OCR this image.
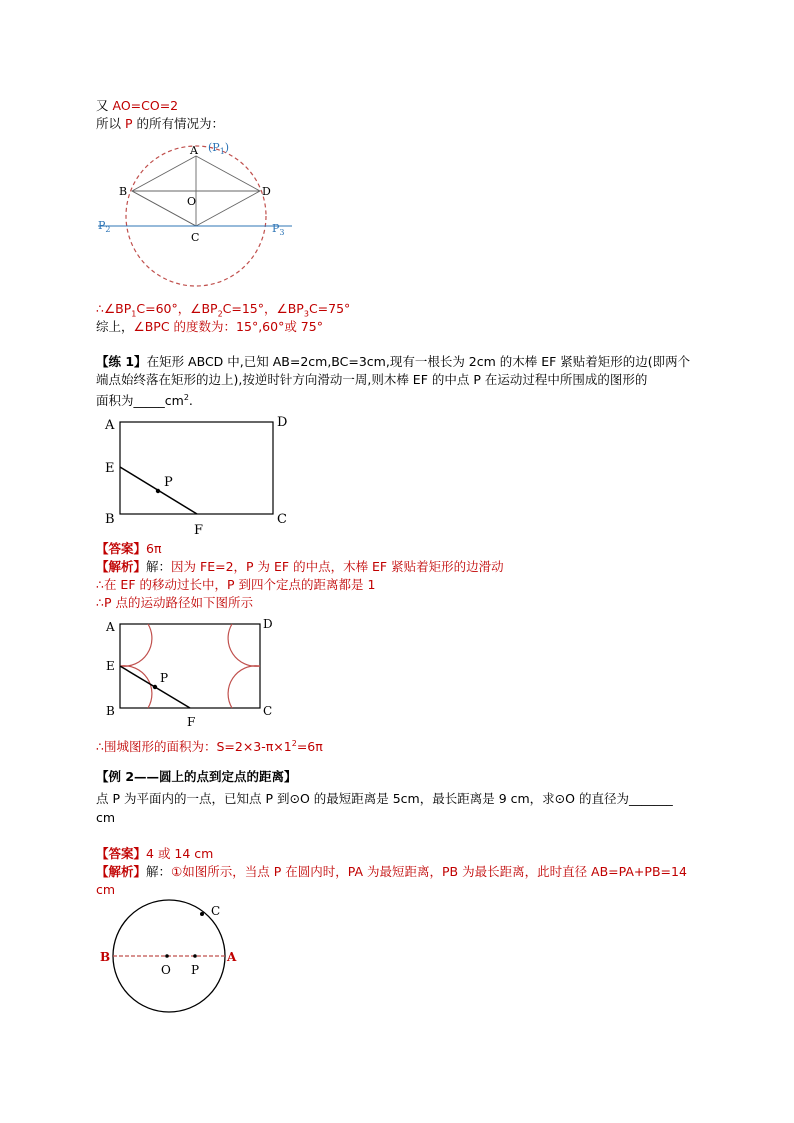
又 AO=CO=2
所以 P 的所有情况为：
A $(P_1)$
B	D
O
C
$P_2$	$P_3$
$\therefore\angle BP_1C=60^\circ$，$\angle BP_2C=15^\circ$，$\angle BP_3C=75^\circ$
综上，∠BPC 的度数为：15°,60°或 75°
【练 1】在矩形 ABCD 中,已知 AB=2cm,BC=3cm,现有一根长为 2cm 的木棒 EF 紧贴着矩形的边(即两个
端点始终落在矩形的边上),按逆时针方向滑动一周,则木棒 EF 的中点 P 在运动过程中所围成的图形的
面积为$\_\_\_\_\_cm^2$.
A	D
E
P
B
F
C
【答案】6π
【解析】解：因为 FE=2，P 为 EF 的中点，木棒 EF 紧贴着矩形的边滑动
∴在 EF 的移动过长中，P 到四个定点的距离都是 1
∴P 点的运动路径如下图所示
A	D
E
P
B
F
C
∴围城图形的面积为：$S=2\times 3-\pi\times 1^2=6\pi$
【例 2——圆上的点到定点的距离】
点 P 为平面内的一点，已知点 P 到⊙O 的最短距离是 5cm，最长距离是 9 cm，求⊙O 的直径为_______
cm
【答案】4 或 14 cm
【解析】解：①如图所示，当点 P 在圆内时，PA 为最短距离，PB 为最长距离，此时直径 AB=PA+PB=14
cm
C
B	A
O P
